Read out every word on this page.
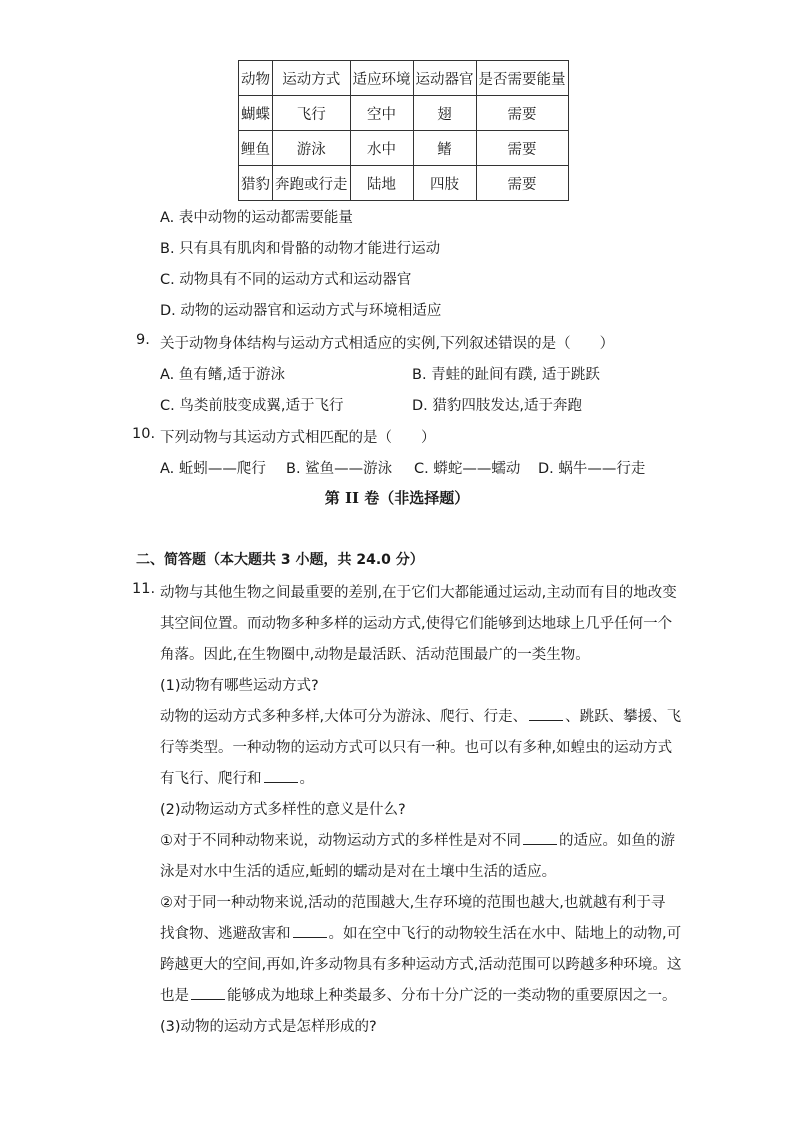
动物	运动方式	适应环境	运动器官	是否需要能量
蝴蝶	飞行	空中	翅	需要
鲤鱼	游泳	水中	鳍	需要
猎豹	奔跑或行走	陆地	四肢	需要
A. 表中动物的运动都需要能量
B. 只有具有肌肉和骨骼的动物才能进行运动
C. 动物具有不同的运动方式和运动器官
D. 动物的运动器官和运动方式与环境相适应
9. 关于动物身体结构与运动方式相适应的实例,下列叙述错误的是（　　）
A. 鱼有鳍,适于游泳	B. 青蛙的趾间有蹼, 适于跳跃
C. 鸟类前肢变成翼,适于飞行	D. 猎豹四肢发达,适于奔跑
10. 下列动物与其运动方式相匹配的是（　　）
A. 蚯蚓——爬行 B. 鲨鱼——游泳 C. 蟒蛇——蠕动 D. 蜗牛——行走
第 II 卷（非选择题）
二、简答题（本大题共 3 小题，共 24.0 分）
11. 动物与其他生物之间最重要的差别,在于它们大都能通过运动,主动而有目的地改变
其空间位置。而动物多种多样的运动方式,使得它们能够到达地球上几乎任何一个
角落。因此,在生物圈中,动物是最活跃、活动范围最广的一类生物。
(1)动物有哪些运动方式?
动物的运动方式多种多样,大体可分为游泳、爬行、行走、	、跳跃、攀援、飞
行等类型。一种动物的运动方式可以只有一种。也可以有多种,如蝗虫的运动方式
有飞行、爬行和	。
(2)动物运动方式多样性的意义是什么?
①对于不同种动物来说，动物运动方式的多样性是对不同	的适应。如鱼的游
泳是对水中生活的适应,蚯蚓的蠕动是对在土壤中生活的适应。
②对于同一种动物来说,活动的范围越大,生存环境的范围也越大,也就越有利于寻
找食物、逃避敌害和	。如在空中飞行的动物较生活在水中、陆地上的动物,可
跨越更大的空间,再如,许多动物具有多种运动方式,活动范围可以跨越多种环境。这
也是	能够成为地球上种类最多、分布十分广泛的一类动物的重要原因之一。
(3)动物的运动方式是怎样形成的?
